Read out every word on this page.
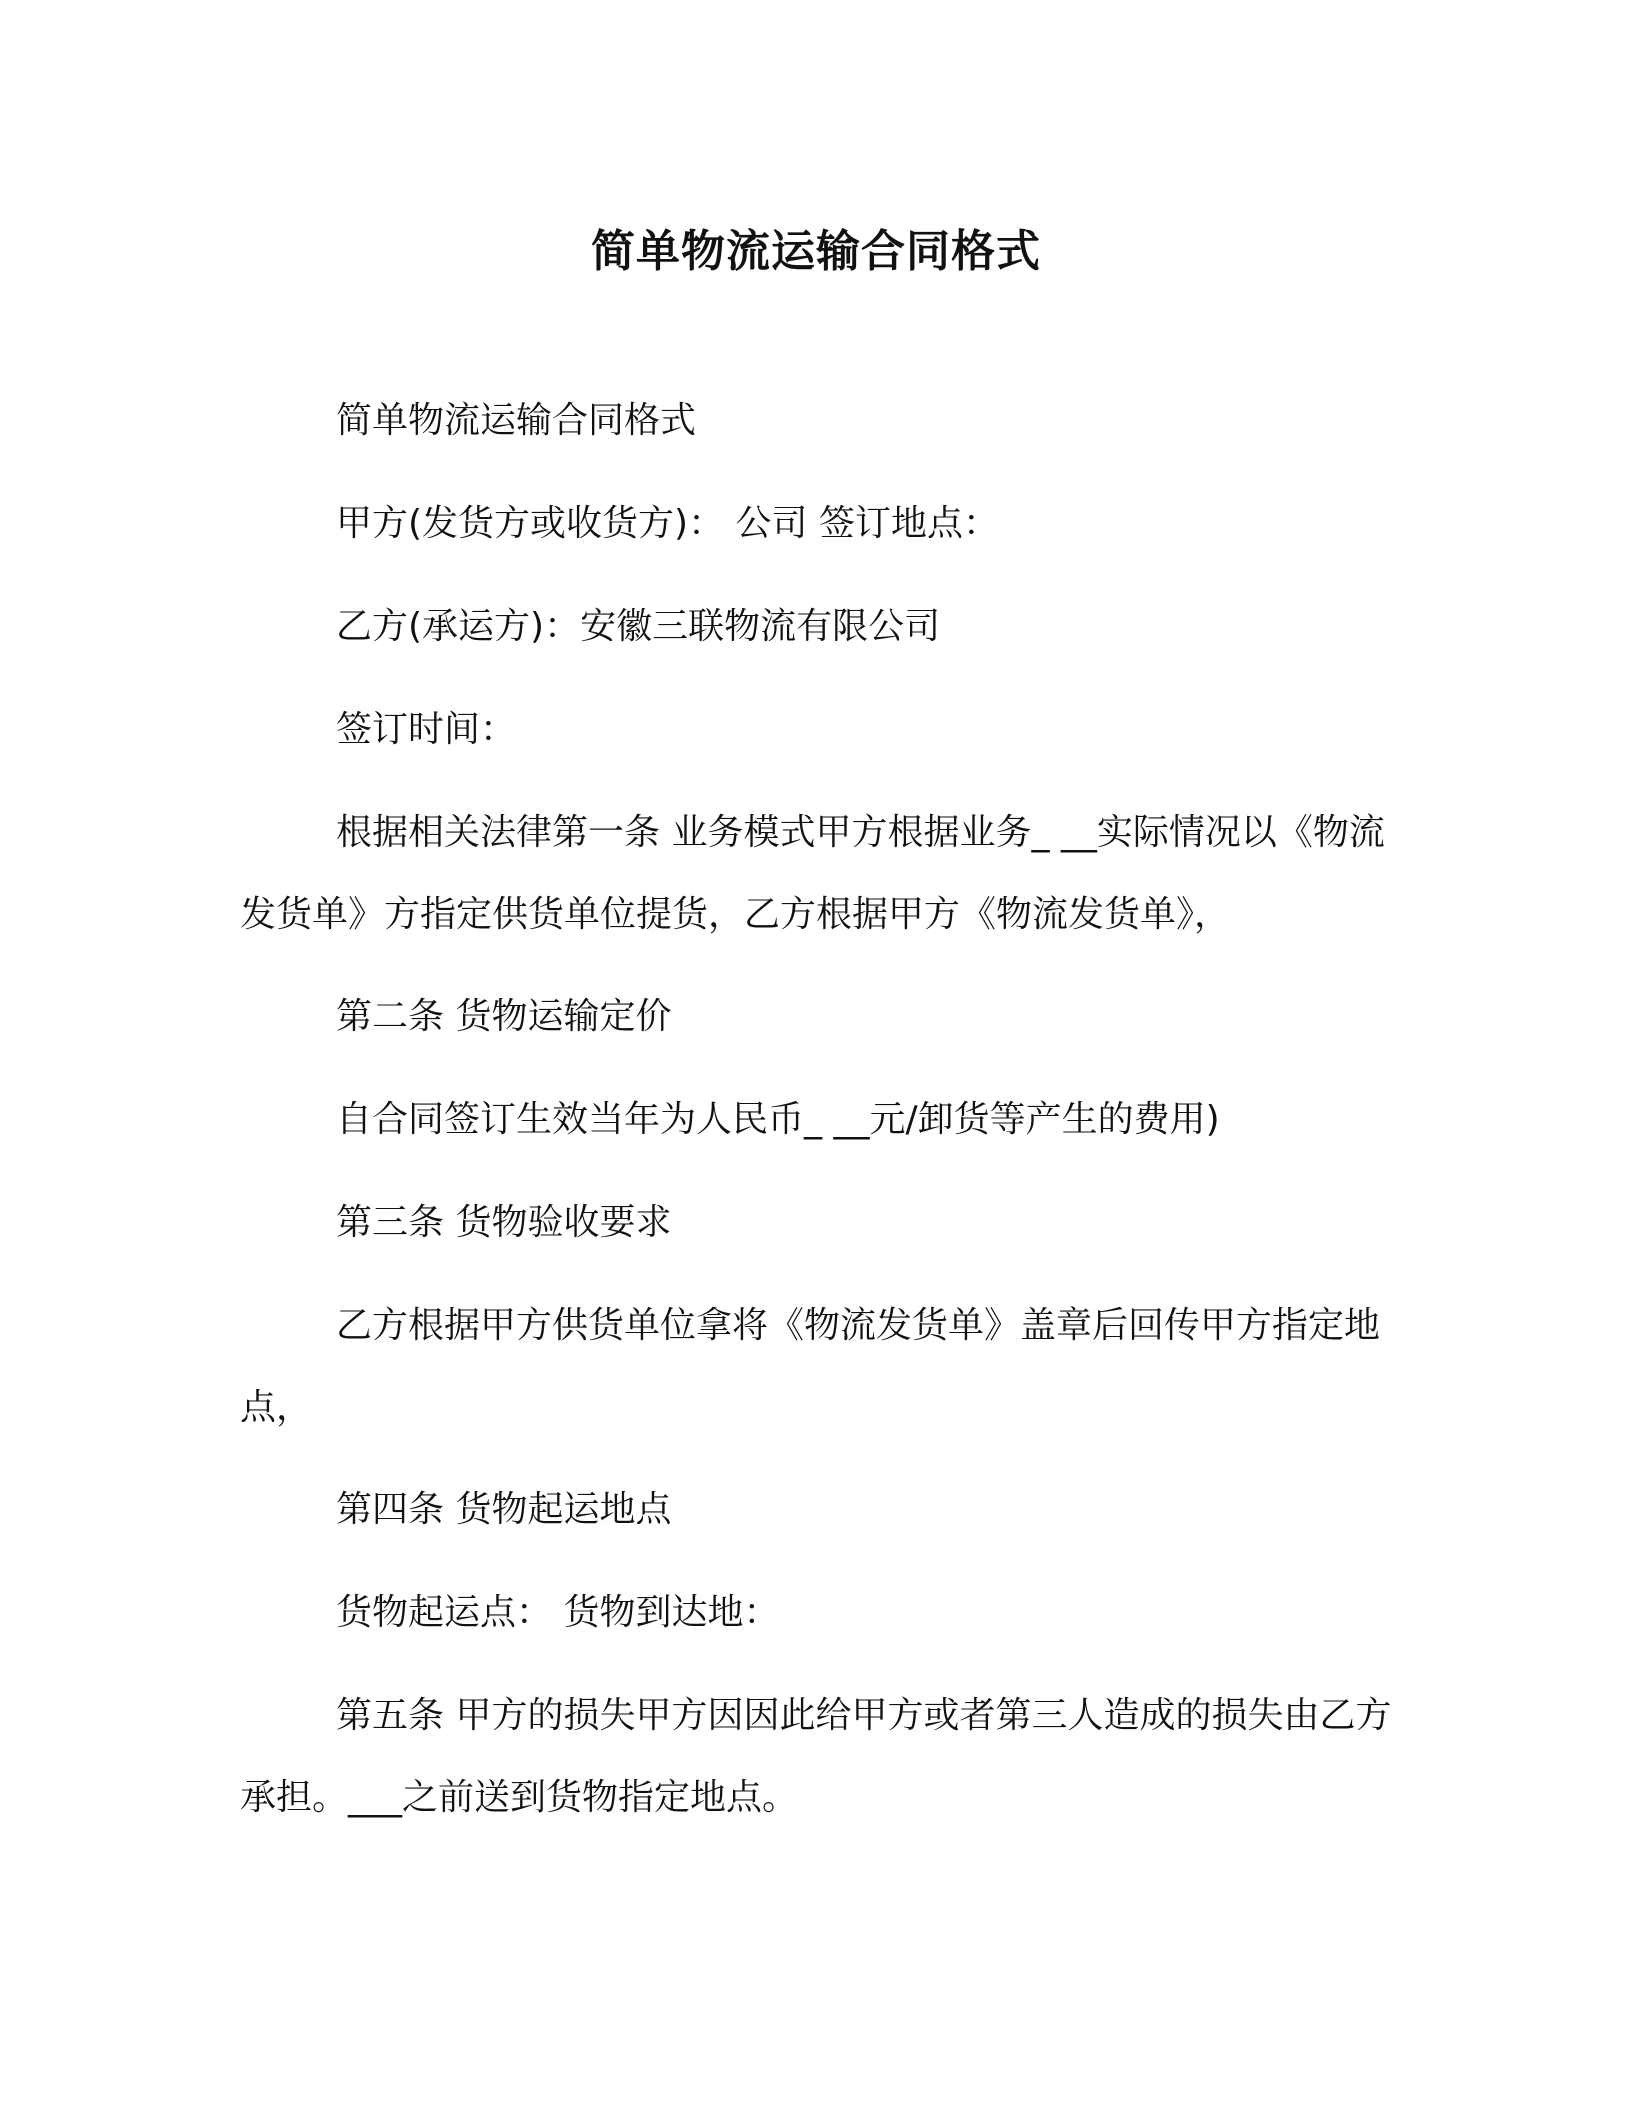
简单物流运输合同格式

简单物流运输合同格式

甲方(发货方或收货方)： 公司 签订地点：

乙方(承运方)：安徽三联物流有限公司

签订时间：

根据相关法律第一条 业务模式甲方根据业务_ __实际情况以《物流发货单》方指定供货单位提货，乙方根据甲方《物流发货单》，

第二条 货物运输定价

自合同签订生效当年为人民币_ __元/卸货等产生的费用)

第三条 货物验收要求

乙方根据甲方供货单位拿将《物流发货单》盖章后回传甲方指定地点，

第四条 货物起运地点

货物起运点： 货物到达地：

第五条 甲方的损失甲方因因此给甲方或者第三人造成的损失由乙方承担。___之前送到货物指定地点。
